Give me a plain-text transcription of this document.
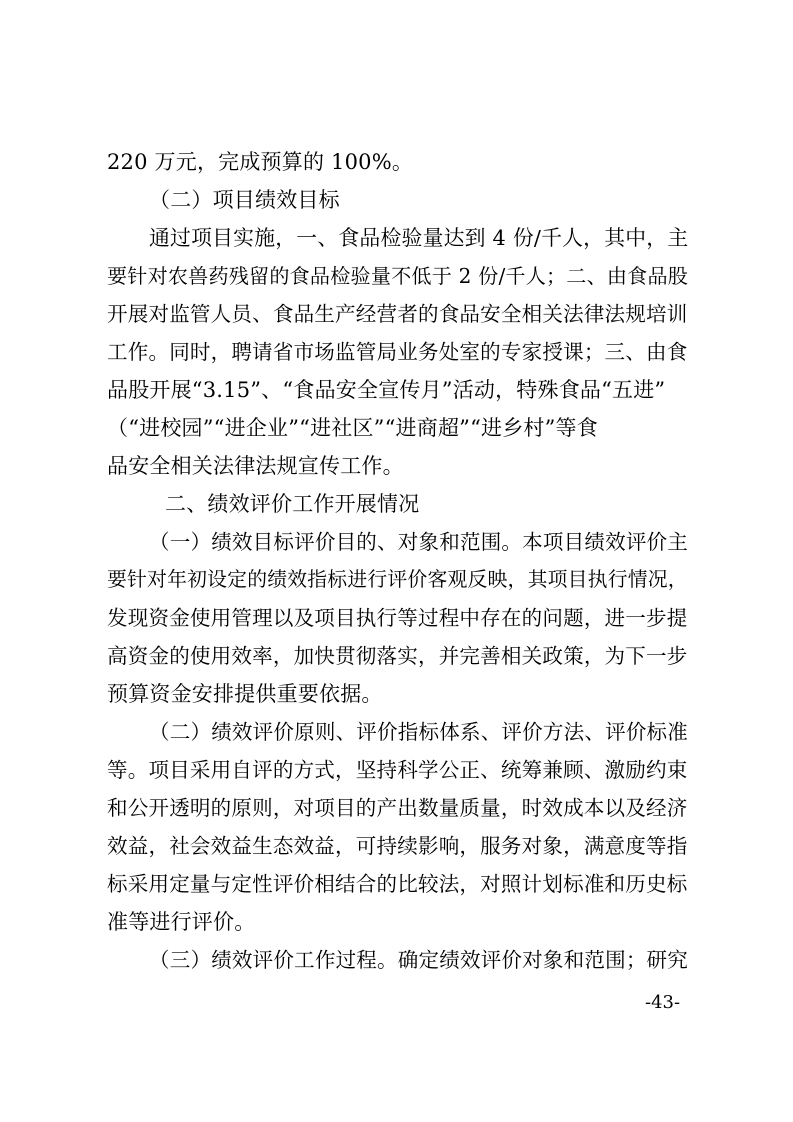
220 万元，完成预算的 100%。
（二）项目绩效目标
通过项目实施，一、食品检验量达到 4 份/千人，其中，主
要针对农兽药残留的食品检验量不低于 2 份/千人；二、由食品股
开展对监管人员、食品生产经营者的食品安全相关法律法规培训
工作。同时，聘请省市场监管局业务处室的专家授课；三、由食
品股开展“3.15”、“食品安全宣传月”活动，特殊食品“五进”
（“进校园”“进企业”“进社区”“进商超”“进乡村”等食
品安全相关法律法规宣传工作。
二、绩效评价工作开展情况
（一）绩效目标评价目的、对象和范围。本项目绩效评价主
要针对年初设定的绩效指标进行评价客观反映，其项目执行情况，
发现资金使用管理以及项目执行等过程中存在的问题，进一步提
高资金的使用效率，加快贯彻落实，并完善相关政策，为下一步
预算资金安排提供重要依据。
（二）绩效评价原则、评价指标体系、评价方法、评价标准
等。项目采用自评的方式，坚持科学公正、统筹兼顾、激励约束
和公开透明的原则，对项目的产出数量质量，时效成本以及经济
效益，社会效益生态效益，可持续影响，服务对象，满意度等指
标采用定量与定性评价相结合的比较法，对照计划标准和历史标
准等进行评价。
（三）绩效评价工作过程。确定绩效评价对象和范围；研究
-43-
